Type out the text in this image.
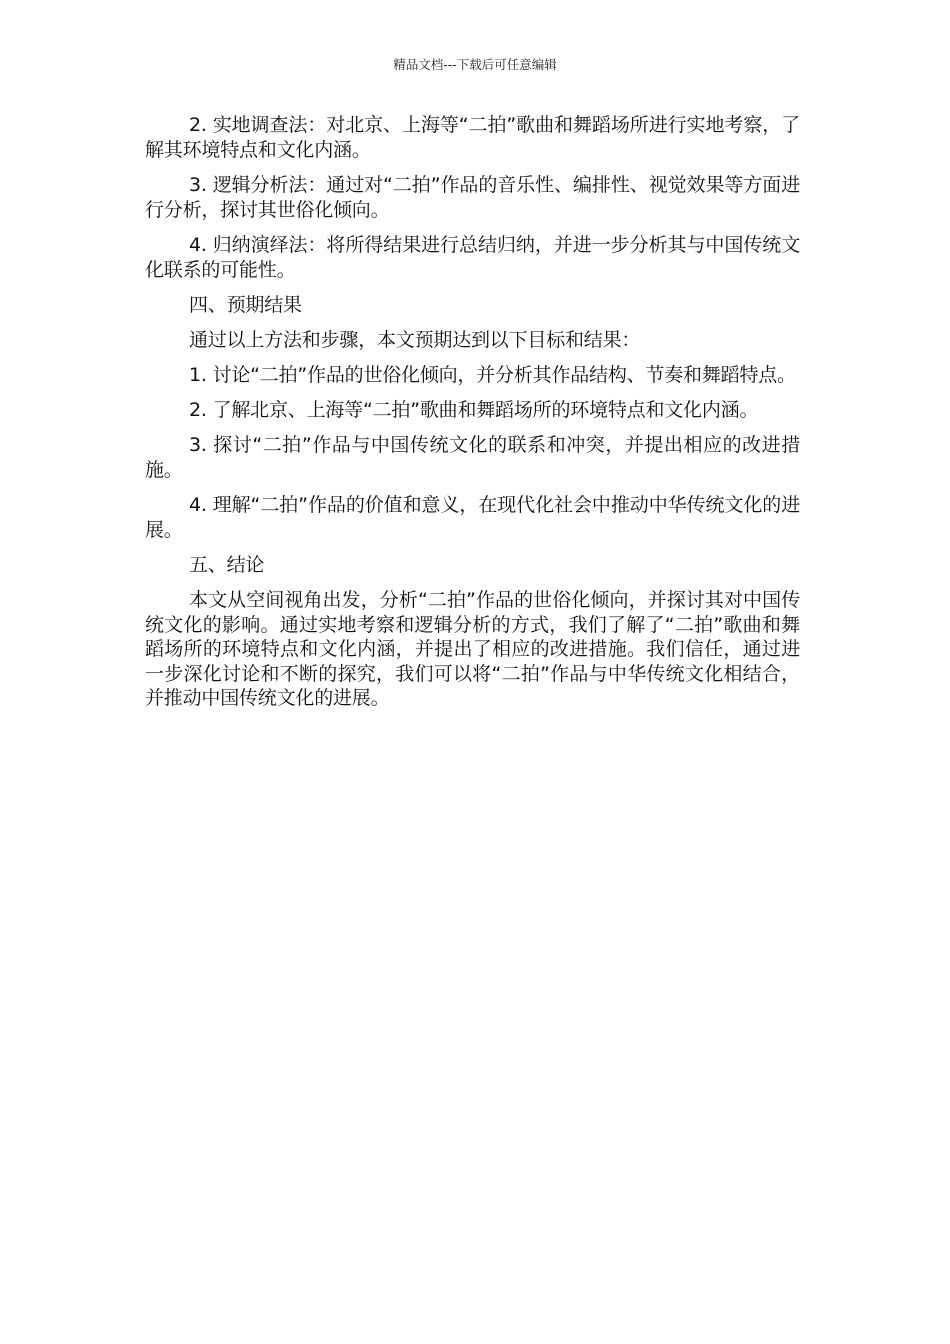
精品文档---下载后可任意编辑

2. 实地调查法：对北京、上海等“二拍”歌曲和舞蹈场所进行实地考察，了解其环境特点和文化内涵。

3. 逻辑分析法：通过对“二拍”作品的音乐性、编排性、视觉效果等方面进行分析，探讨其世俗化倾向。

4. 归纳演绎法：将所得结果进行总结归纳，并进一步分析其与中国传统文化联系的可能性。

四、预期结果

通过以上方法和步骤，本文预期达到以下目标和结果：

1. 讨论“二拍”作品的世俗化倾向，并分析其作品结构、节奏和舞蹈特点。

2. 了解北京、上海等“二拍”歌曲和舞蹈场所的环境特点和文化内涵。

3. 探讨“二拍”作品与中国传统文化的联系和冲突，并提出相应的改进措施。

4. 理解“二拍”作品的价值和意义，在现代化社会中推动中华传统文化的进展。

五、结论

本文从空间视角出发，分析“二拍”作品的世俗化倾向，并探讨其对中国传统文化的影响。通过实地考察和逻辑分析的方式，我们了解了“二拍”歌曲和舞蹈场所的环境特点和文化内涵，并提出了相应的改进措施。我们信任，通过进一步深化讨论和不断的探究，我们可以将“二拍”作品与中华传统文化相结合，并推动中国传统文化的进展。
